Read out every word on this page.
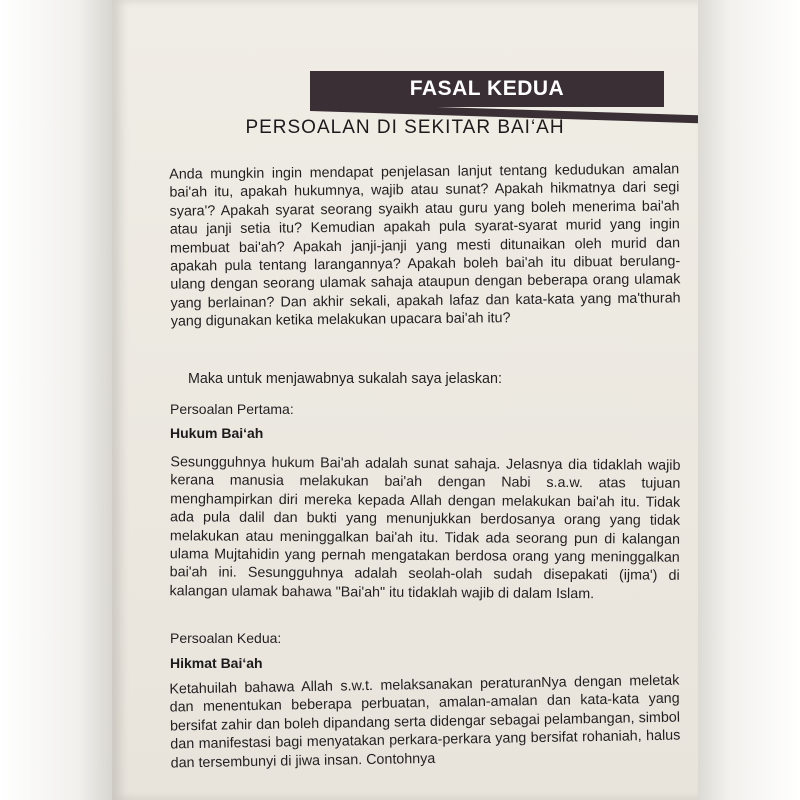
FASAL KEDUA
PERSOALAN DI SEKITAR BAI‘AH
Anda mungkin ingin mendapat penjelasan lanjut tentang kedudukan amalan bai'ah itu, apakah hukumnya, wajib atau sunat? Apakah hikmatnya dari segi syara'? Apakah syarat seorang syaikh atau guru yang boleh menerima bai'ah atau janji setia itu? Kemudian apakah pula syarat-syarat murid yang ingin membuat bai'ah? Apakah janji-janji yang mesti ditunaikan oleh murid dan apakah pula tentang larangannya? Apakah boleh bai'ah itu dibuat berulang-ulang dengan seorang ulamak sahaja ataupun dengan beberapa orang ulamak yang berlainan? Dan akhir sekali, apakah lafaz dan kata-kata yang ma'thurah yang digunakan ketika melakukan upacara bai'ah itu?
Maka untuk menjawabnya sukalah saya jelaskan:
Persoalan Pertama:
Hukum Bai‘ah
Sesungguhnya hukum Bai'ah adalah sunat sahaja. Jelasnya dia tidaklah wajib kerana manusia melakukan bai'ah dengan Nabi s.a.w. atas tujuan menghampirkan diri mereka kepada Allah dengan melakukan bai'ah itu. Tidak ada pula dalil dan bukti yang menunjukkan berdosanya orang yang tidak melakukan atau meninggalkan bai'ah itu. Tidak ada seorang pun di kalangan ulama Mujtahidin yang pernah mengatakan berdosa orang yang meninggalkan bai'ah ini. Sesungguhnya adalah seolah-olah sudah disepakati (ijma') di kalangan ulamak bahawa "Bai'ah" itu tidaklah wajib di dalam Islam.
Persoalan Kedua:
Hikmat Bai‘ah
Ketahuilah bahawa Allah s.w.t. melaksanakan peraturanNya dengan meletak dan menentukan beberapa perbuatan, amalan-amalan dan kata-kata yang bersifat zahir dan boleh dipandang serta didengar sebagai pelambangan, simbol dan manifestasi bagi menyatakan perkara-perkara yang bersifat rohaniah, halus dan tersembunyi di jiwa insan. Contohnya
